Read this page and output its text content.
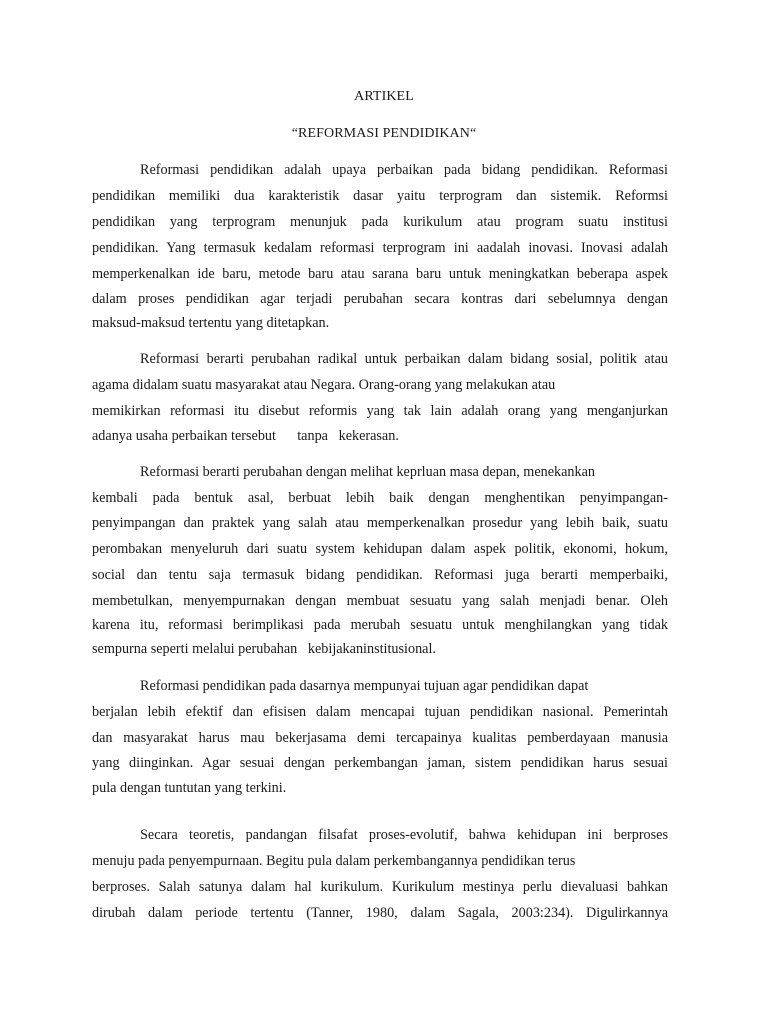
ARTIKEL
“REFORMASI PENDIDIKAN“
Reformasi pendidikan adalah upaya perbaikan pada bidang pendidikan. Reformasi
pendidikan memiliki dua karakteristik dasar yaitu terprogram dan sistemik. Reformsi
pendidikan yang terprogram menunjuk pada kurikulum atau program suatu institusi
pendidikan. Yang termasuk kedalam reformasi terprogram ini aadalah inovasi. Inovasi adalah
memperkenalkan ide baru, metode baru atau sarana baru untuk meningkatkan beberapa aspek
dalam proses pendidikan agar terjadi perubahan secara kontras dari sebelumnya dengan
maksud-maksud tertentu yang ditetapkan.
Reformasi berarti perubahan radikal untuk perbaikan dalam bidang sosial, politik atau
agama didalam suatu masyarakat atau Negara. Orang-orang yang melakukan atau
memikirkan reformasi itu disebut reformis yang tak lain adalah orang yang menganjurkan
adanya usaha perbaikan tersebut      tanpa   kekerasan.
Reformasi berarti perubahan dengan melihat keprluan masa depan, menekankan
kembali pada bentuk asal, berbuat lebih baik dengan menghentikan penyimpangan-
penyimpangan dan praktek yang salah atau memperkenalkan prosedur yang lebih baik, suatu
perombakan menyeluruh dari suatu system kehidupan dalam aspek politik, ekonomi, hokum,
social dan tentu saja termasuk bidang pendidikan. Reformasi juga berarti memperbaiki,
membetulkan, menyempurnakan dengan membuat sesuatu yang salah menjadi benar. Oleh
karena itu, reformasi berimplikasi pada merubah sesuatu untuk menghilangkan yang tidak
sempurna seperti melalui perubahan   kebijakaninstitusional.
Reformasi pendidikan pada dasarnya mempunyai tujuan agar pendidikan dapat
berjalan lebih efektif dan efisisen dalam mencapai tujuan pendidikan nasional. Pemerintah
dan masyarakat harus mau bekerjasama demi tercapainya kualitas pemberdayaan manusia
yang diinginkan. Agar sesuai dengan perkembangan jaman, sistem pendidikan harus sesuai
pula dengan tuntutan yang terkini.
Secara teoretis, pandangan filsafat proses-evolutif, bahwa kehidupan ini berproses
menuju pada penyempurnaan. Begitu pula dalam perkembangannya pendidikan terus
berproses. Salah satunya dalam hal kurikulum. Kurikulum mestinya perlu dievaluasi bahkan
dirubah dalam periode tertentu (Tanner, 1980, dalam Sagala, 2003:234). Digulirkannya
